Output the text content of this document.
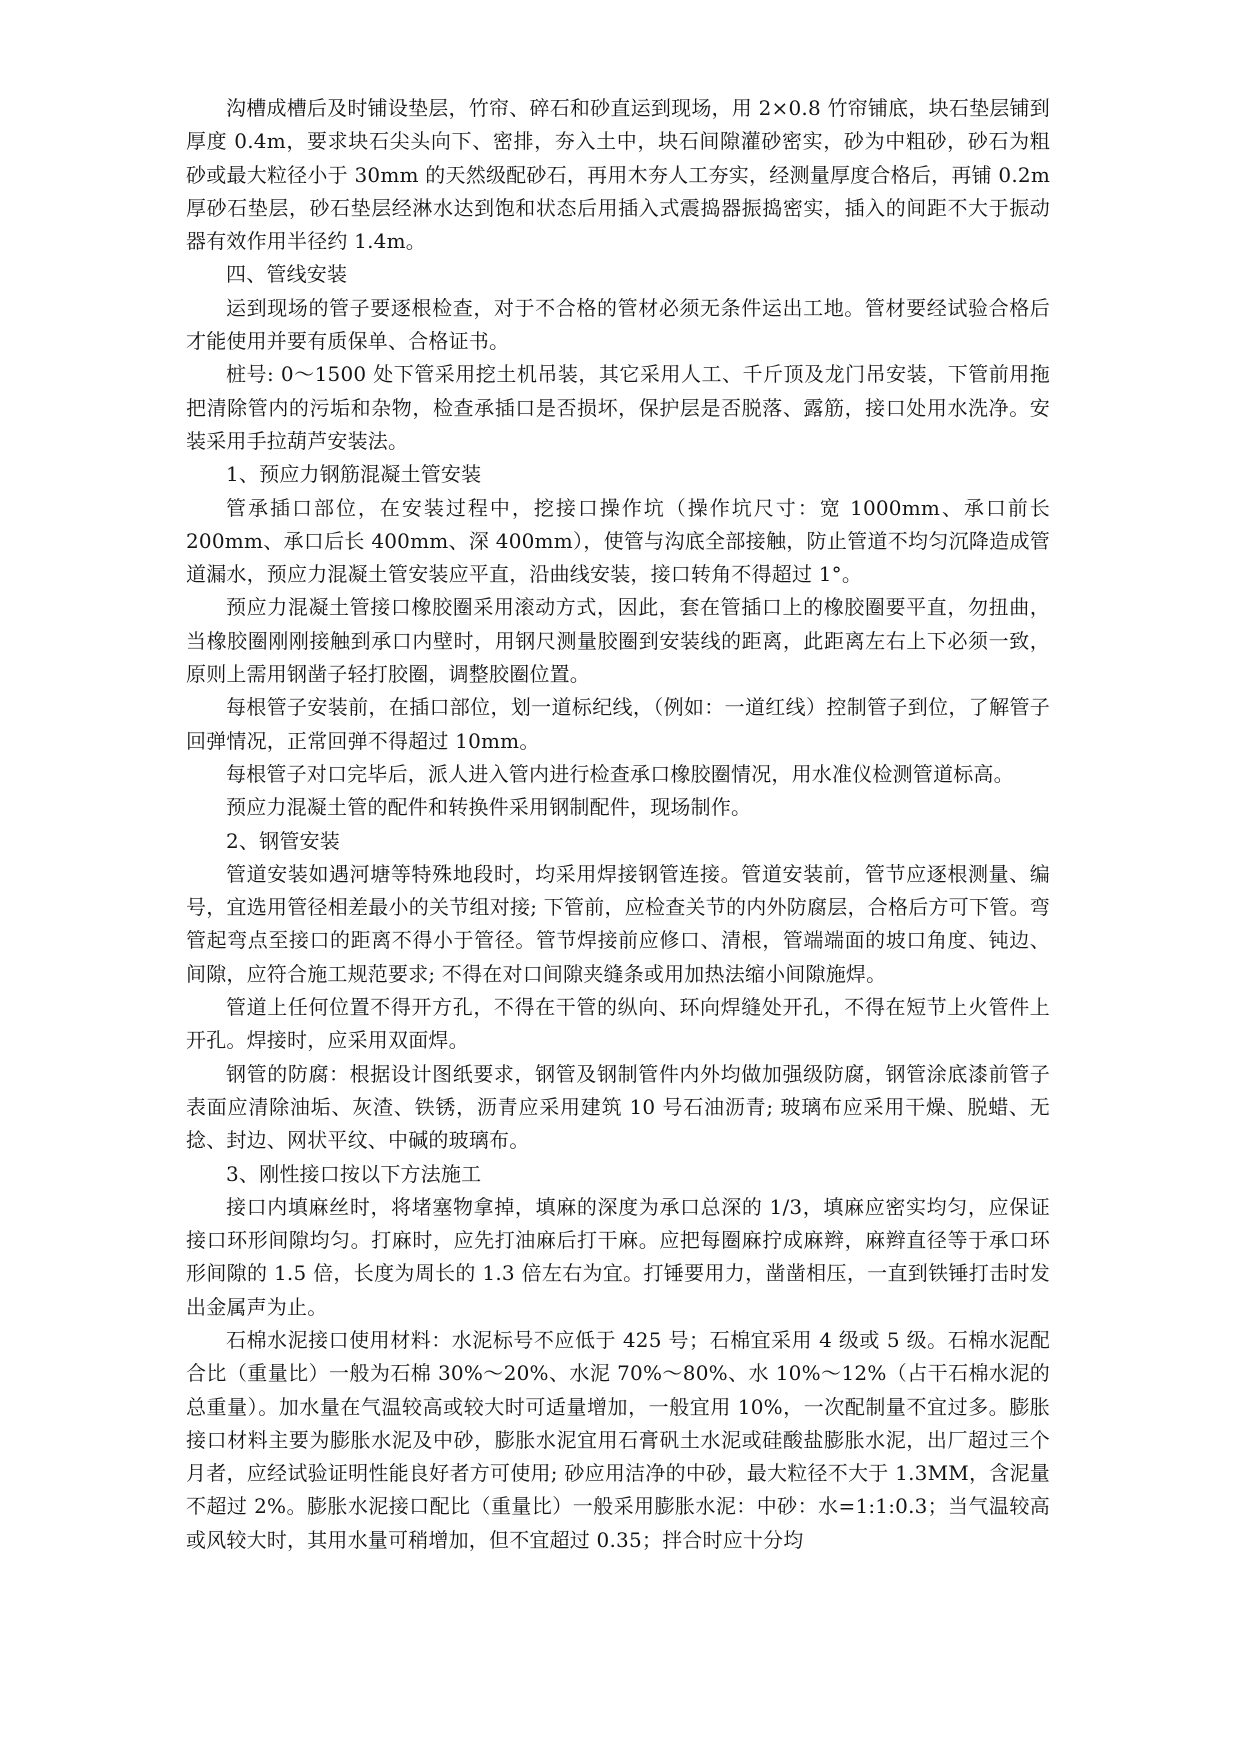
沟槽成槽后及时铺设垫层，竹帘、碎石和砂直运到现场，用 2×0.8 竹帘铺底，块石垫层铺到厚度 0.4m，要求块石尖头向下、密排，夯入土中，块石间隙灌砂密实，砂为中粗砂，砂石为粗砂或最大粒径小于 30mm 的天然级配砂石，再用木夯人工夯实，经测量厚度合格后，再铺 0.2m 厚砂石垫层，砂石垫层经淋水达到饱和状态后用插入式震捣器振捣密实，插入的间距不大于振动器有效作用半径约 1.4m。

四、管线安装

运到现场的管子要逐根检查，对于不合格的管材必须无条件运出工地。管材要经试验合格后才能使用并要有质保单、合格证书。

桩号: 0～1500 处下管采用挖土机吊装，其它采用人工、千斤顶及龙门吊安装，下管前用拖把清除管内的污垢和杂物，检查承插口是否损坏，保护层是否脱落、露筋，接口处用水洗净。安装采用手拉葫芦安装法。

1、预应力钢筋混凝土管安装

管承插口部位，在安装过程中，挖接口操作坑（操作坑尺寸：宽 1000mm、承口前长 200mm、承口后长 400mm、深 400mm），使管与沟底全部接触，防止管道不均匀沉降造成管道漏水，预应力混凝土管安装应平直，沿曲线安装，接口转角不得超过 1°。

预应力混凝土管接口橡胶圈采用滚动方式，因此，套在管插口上的橡胶圈要平直，勿扭曲，当橡胶圈刚刚接触到承口内壁时，用钢尺测量胶圈到安装线的距离，此距离左右上下必须一致，原则上需用钢凿子轻打胶圈，调整胶圈位置。

每根管子安装前，在插口部位，划一道标纪线，（例如：一道红线）控制管子到位，了解管子回弹情况，正常回弹不得超过 10mm。

每根管子对口完毕后，派人进入管内进行检查承口橡胶圈情况，用水准仪检测管道标高。

预应力混凝土管的配件和转换件采用钢制配件，现场制作。

2、钢管安装

管道安装如遇河塘等特殊地段时，均采用焊接钢管连接。管道安装前，管节应逐根测量、编号，宜选用管径相差最小的关节组对接; 下管前，应检查关节的内外防腐层，合格后方可下管。弯管起弯点至接口的距离不得小于管径。管节焊接前应修口、清根，管端端面的坡口角度、钝边、间隙，应符合施工规范要求; 不得在对口间隙夹缝条或用加热法缩小间隙施焊。

管道上任何位置不得开方孔，不得在干管的纵向、环向焊缝处开孔，不得在短节上火管件上开孔。焊接时，应采用双面焊。

钢管的防腐：根据设计图纸要求，钢管及钢制管件内外均做加强级防腐，钢管涂底漆前管子表面应清除油垢、灰渣、铁锈，沥青应采用建筑 10 号石油沥青; 玻璃布应采用干燥、脱蜡、无捻、封边、网状平纹、中碱的玻璃布。

3、刚性接口按以下方法施工

接口内填麻丝时，将堵塞物拿掉，填麻的深度为承口总深的 1/3，填麻应密实均匀，应保证接口环形间隙均匀。打麻时，应先打油麻后打干麻。应把每圈麻拧成麻辫，麻辫直径等于承口环形间隙的 1.5 倍，长度为周长的 1.3 倍左右为宜。打锤要用力，凿凿相压，一直到铁锤打击时发出金属声为止。

石棉水泥接口使用材料：水泥标号不应低于 425 号；石棉宜采用 4 级或 5 级。石棉水泥配合比（重量比）一般为石棉 30%～20%、水泥 70%～80%、水 10%～12%（占干石棉水泥的总重量）。加水量在气温较高或较大时可适量增加，一般宜用 10%，一次配制量不宜过多。膨胀接口材料主要为膨胀水泥及中砂，膨胀水泥宜用石膏矾土水泥或硅酸盐膨胀水泥，出厂超过三个月者，应经试验证明性能良好者方可使用; 砂应用洁净的中砂，最大粒径不大于 1.3MM，含泥量不超过 2%。膨胀水泥接口配比（重量比）一般采用膨胀水泥：中砂：水=1:1:0.3；当气温较高或风较大时，其用水量可稍增加，但不宜超过 0.35；拌合时应十分均
